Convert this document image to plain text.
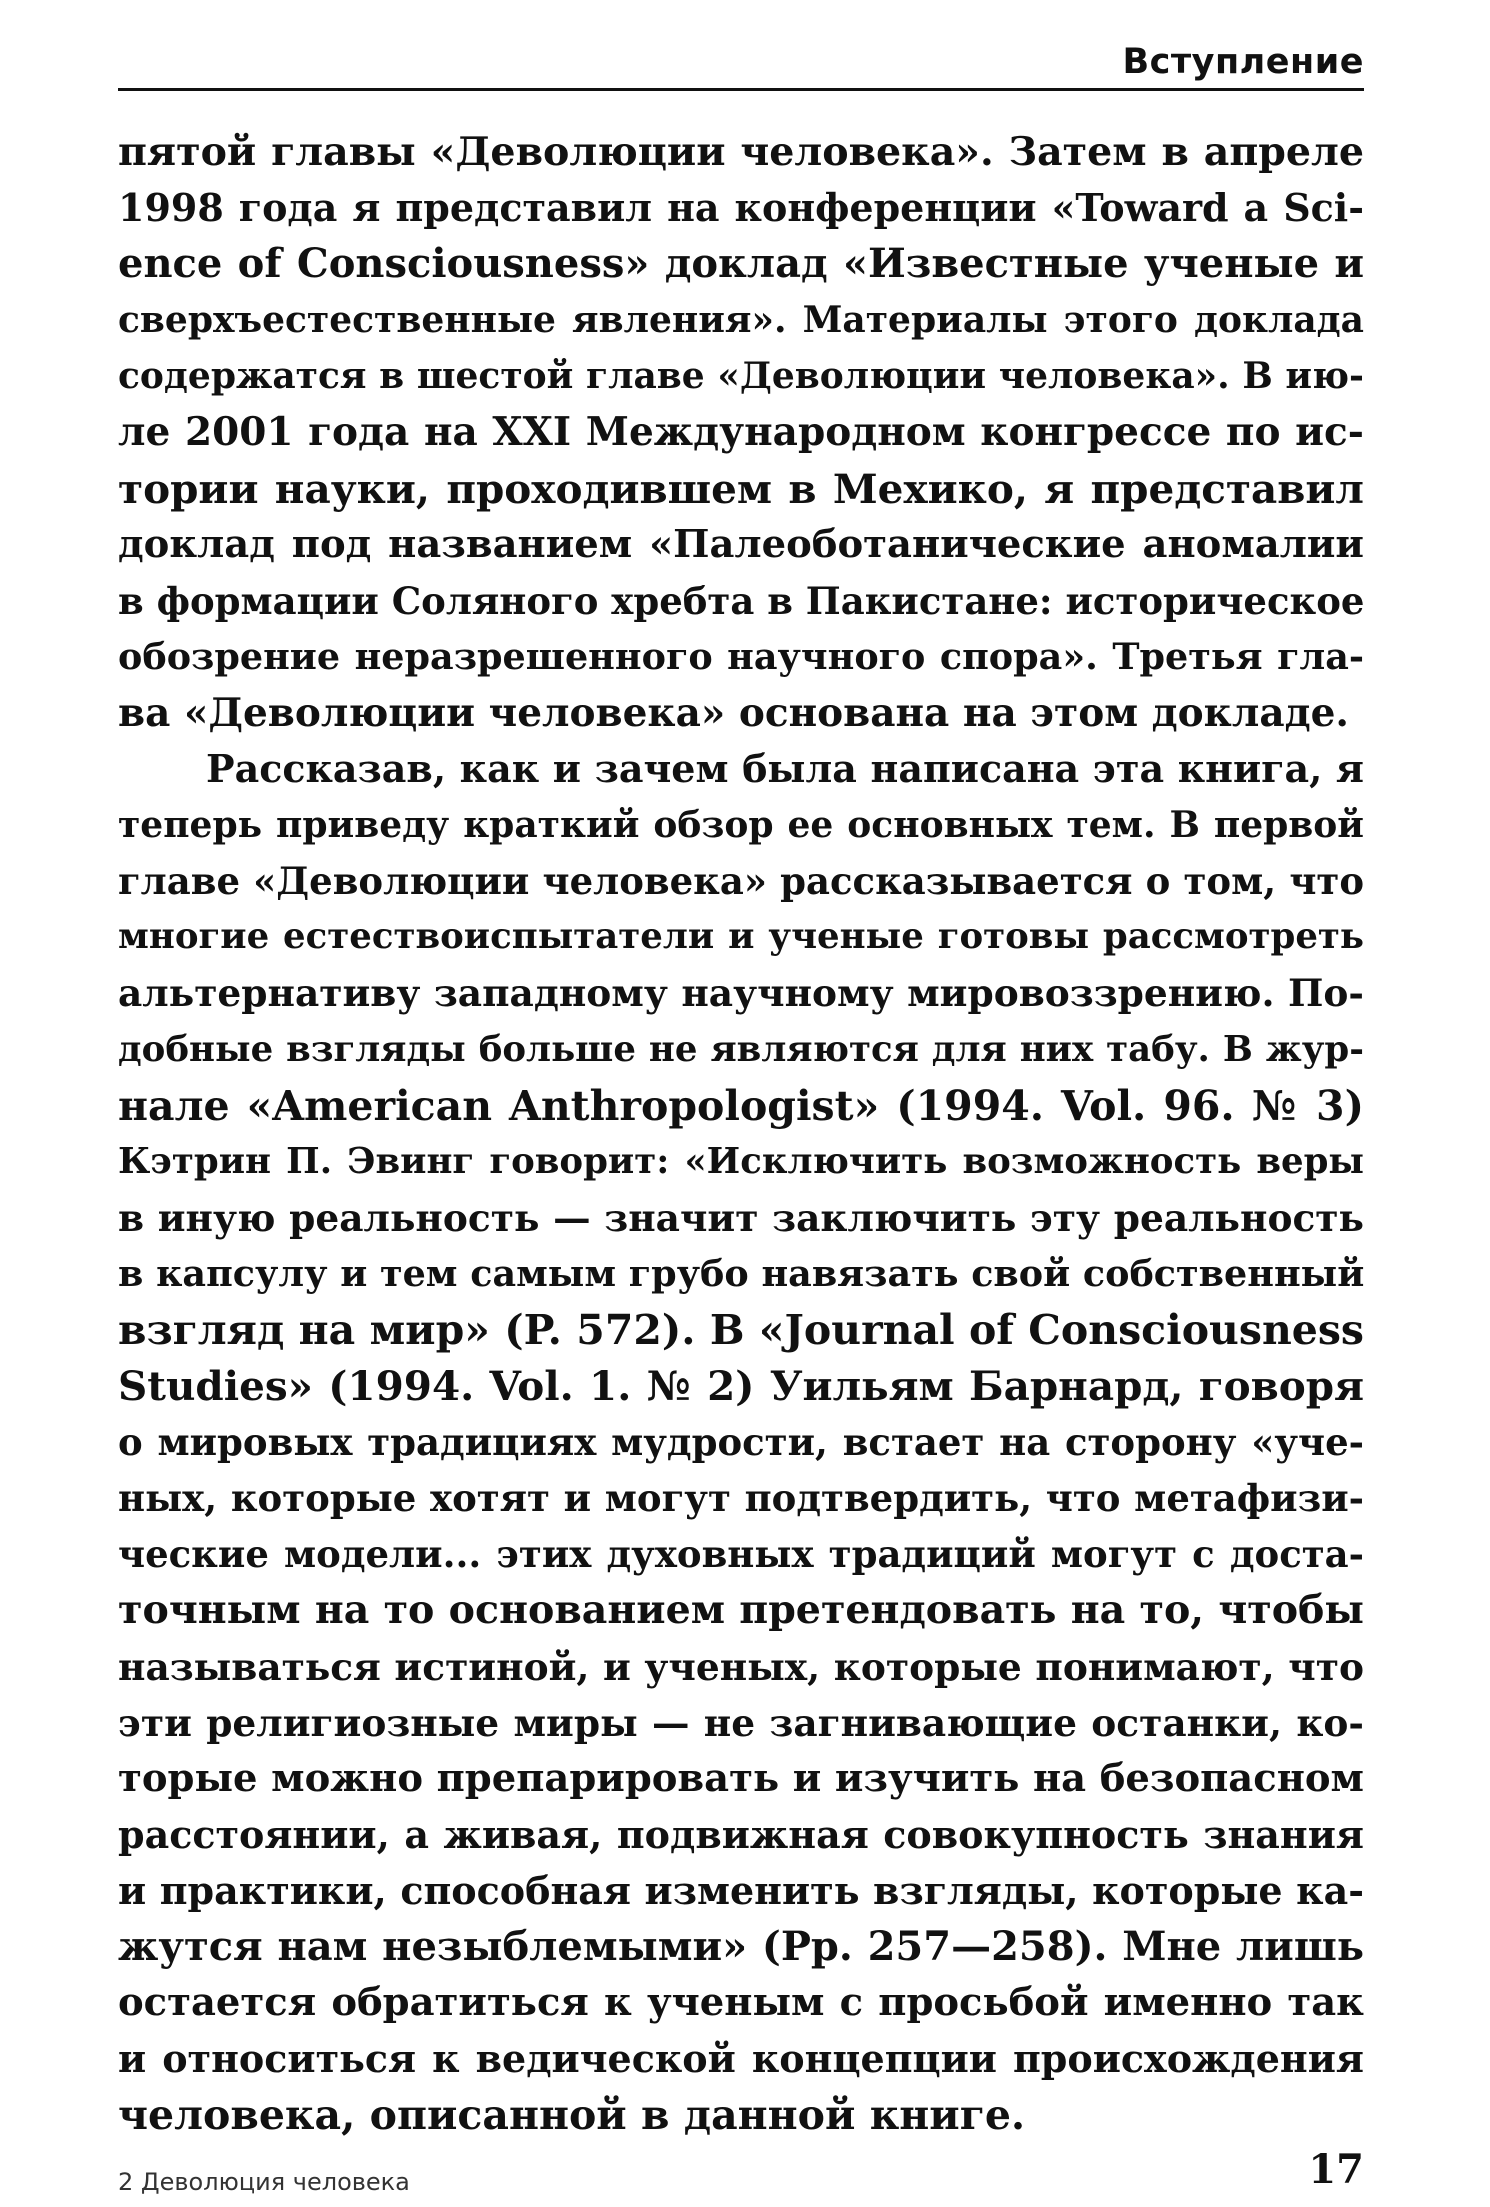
Вступление
пятой главы «Деволюции человека». Затем в апреле
1998 года я представил на конференции «Toward a Sci-
ence of Consciousness» доклад «Известные ученые и
сверхъестественные явления». Материалы этого доклада
содержатся в шестой главе «Деволюции человека». В ию-
ле 2001 года на XXI Международном конгрессе по ис-
тории науки, проходившем в Мехико, я представил
доклад под названием «Палеоботанические аномалии
в формации Соляного хребта в Пакистане: историческое
обозрение неразрешенного научного спора». Третья гла-
ва «Деволюции человека» основана на этом докладе.
Рассказав, как и зачем была написана эта книга, я
теперь приведу краткий обзор ее основных тем. В первой
главе «Деволюции человека» рассказывается о том, что
многие естествоиспытатели и ученые готовы рассмотреть
альтернативу западному научному мировоззрению. По-
добные взгляды больше не являются для них табу. В жур-
нале «American Anthropologist» (1994. Vol. 96. № 3)
Кэтрин П. Эвинг говорит: «Исключить возможность веры
в иную реальность — значит заключить эту реальность
в капсулу и тем самым грубо навязать свой собственный
взгляд на мир» (P. 572). В «Journal of Consciousness
Studies» (1994. Vol. 1. № 2) Уильям Барнард, говоря
о мировых традициях мудрости, встает на сторону «уче-
ных, которые хотят и могут подтвердить, что метафизи-
ческие модели... этих духовных традиций могут с доста-
точным на то основанием претендовать на то, чтобы
называться истиной, и ученых, которые понимают, что
эти религиозные миры — не загнивающие останки, ко-
торые можно препарировать и изучить на безопасном
расстоянии, а живая, подвижная совокупность знания
и практики, способная изменить взгляды, которые ка-
жутся нам незыблемыми» (Pp. 257—258). Мне лишь
остается обратиться к ученым с просьбой именно так
и относиться к ведической концепции происхождения
человека, описанной в данной книге.
2 Деволюция человека	17
